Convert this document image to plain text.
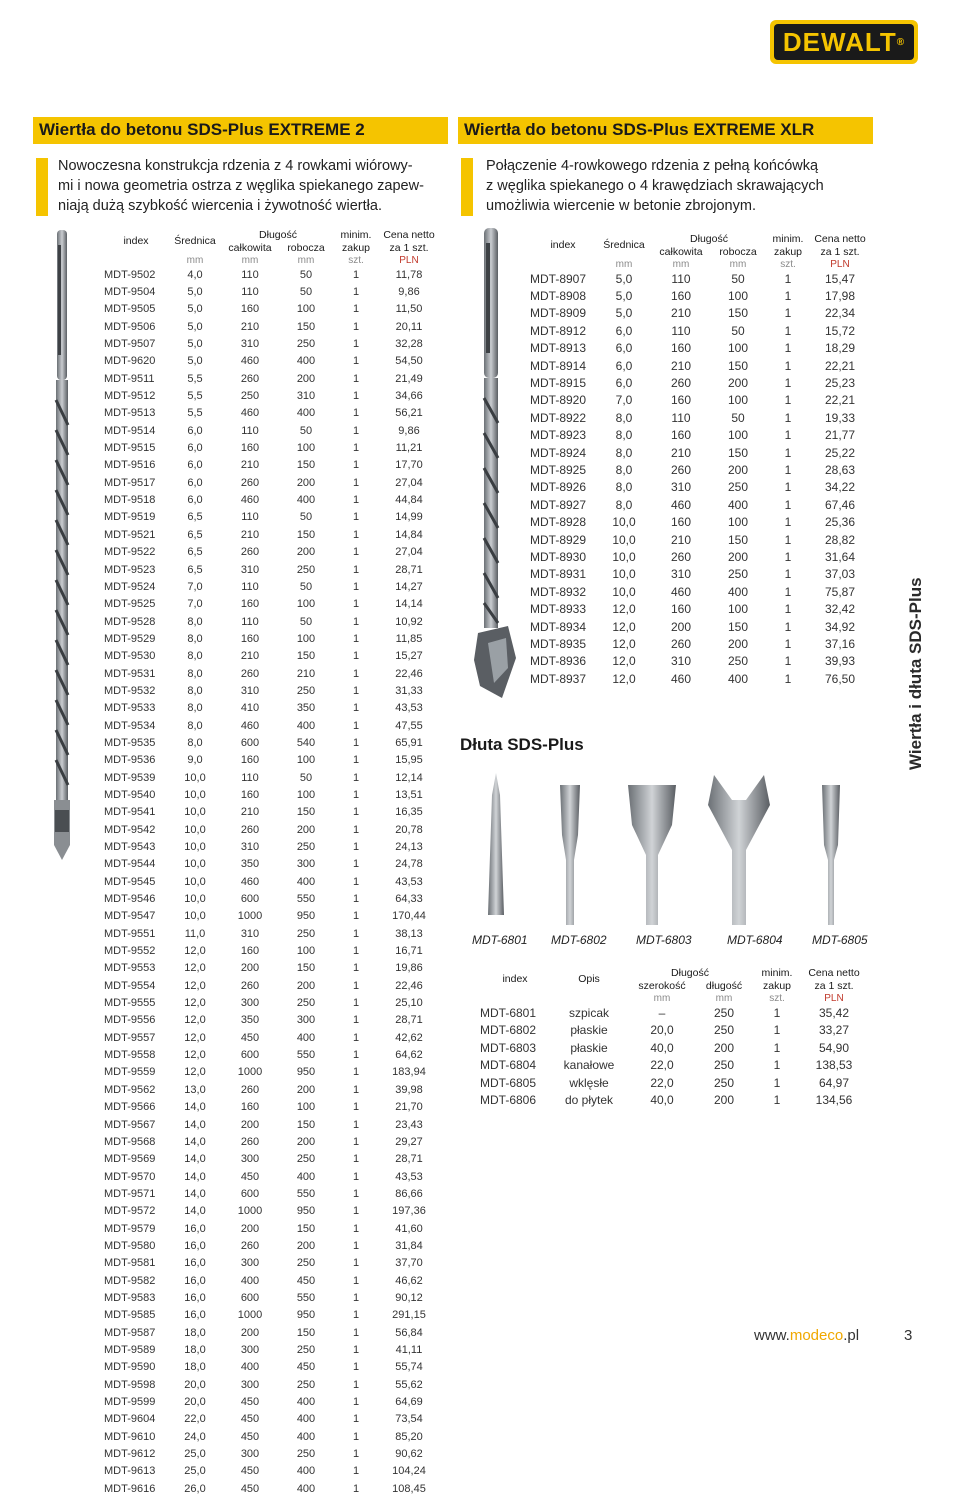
DEWALT ®
Wiertła do betonu SDS-Plus EXTREME 2
Nowoczesna konstrukcja rdzenia z 4 rowkami wiórowy-
mi i nowa geometria ostrza z węglika spiekanego zapew-
niają dużą szybkość wiercenia i żywotność wiertła.
index	Średnica	Długość		minim.	Cena netto
		całkowita	robocza	zakup	za 1 szt.
	mm	mm	mm	szt.	PLN
MDT-9502	4,0	110	50	1	11,78
MDT-9504	5,0	110	50	1	9,86
MDT-9505	5,0	160	100	1	11,50
MDT-9506	5,0	210	150	1	20,11
MDT-9507	5,0	310	250	1	32,28
MDT-9620	5,0	460	400	1	54,50
MDT-9511	5,5	260	200	1	21,49
MDT-9512	5,5	250	310	1	34,66
MDT-9513	5,5	460	400	1	56,21
MDT-9514	6,0	110	50	1	9,86
MDT-9515	6,0	160	100	1	11,21
MDT-9516	6,0	210	150	1	17,70
MDT-9517	6,0	260	200	1	27,04
MDT-9518	6,0	460	400	1	44,84
MDT-9519	6,5	110	50	1	14,99
MDT-9521	6,5	210	150	1	14,84
MDT-9522	6,5	260	200	1	27,04
MDT-9523	6,5	310	250	1	28,71
MDT-9524	7,0	110	50	1	14,27
MDT-9525	7,0	160	100	1	14,14
MDT-9528	8,0	110	50	1	10,92
MDT-9529	8,0	160	100	1	11,85
MDT-9530	8,0	210	150	1	15,27
MDT-9531	8,0	260	210	1	22,46
MDT-9532	8,0	310	250	1	31,33
MDT-9533	8,0	410	350	1	43,53
MDT-9534	8,0	460	400	1	47,55
MDT-9535	8,0	600	540	1	65,91
MDT-9536	9,0	160	100	1	15,95
MDT-9539	10,0	110	50	1	12,14
MDT-9540	10,0	160	100	1	13,51
MDT-9541	10,0	210	150	1	16,35
MDT-9542	10,0	260	200	1	20,78
MDT-9543	10,0	310	250	1	24,13
MDT-9544	10,0	350	300	1	24,78
MDT-9545	10,0	460	400	1	43,53
MDT-9546	10,0	600	550	1	64,33
MDT-9547	10,0	1000	950	1	170,44
MDT-9551	11,0	310	250	1	38,13
MDT-9552	12,0	160	100	1	16,71
MDT-9553	12,0	200	150	1	19,86
MDT-9554	12,0	260	200	1	22,46
MDT-9555	12,0	300	250	1	25,10
MDT-9556	12,0	350	300	1	28,71
MDT-9557	12,0	450	400	1	42,62
MDT-9558	12,0	600	550	1	64,62
MDT-9559	12,0	1000	950	1	183,94
MDT-9562	13,0	260	200	1	39,98
MDT-9566	14,0	160	100	1	21,70
MDT-9567	14,0	200	150	1	23,43
MDT-9568	14,0	260	200	1	29,27
MDT-9569	14,0	300	250	1	28,71
MDT-9570	14,0	450	400	1	43,53
MDT-9571	14,0	600	550	1	86,66
MDT-9572	14,0	1000	950	1	197,36
MDT-9579	16,0	200	150	1	41,60
MDT-9580	16,0	260	200	1	31,84
MDT-9581	16,0	300	250	1	37,70
MDT-9582	16,0	400	450	1	46,62
MDT-9583	16,0	600	550	1	90,12
MDT-9585	16,0	1000	950	1	291,15
MDT-9587	18,0	200	150	1	56,84
MDT-9589	18,0	300	250	1	41,11
MDT-9590	18,0	400	450	1	55,74
MDT-9598	20,0	300	250	1	55,62
MDT-9599	20,0	450	400	1	64,69
MDT-9604	22,0	450	400	1	73,54
MDT-9610	24,0	450	400	1	85,20
MDT-9612	25,0	300	250	1	90,62
MDT-9613	25,0	450	400	1	104,24
MDT-9616	26,0	450	400	1	108,45
Wiertła do betonu SDS-Plus EXTREME XLR
Połączenie 4-rowkowego rdzenia z pełną końcówką
z węglika spiekanego o 4 krawędziach skrawających
umożliwia wiercenie w betonie zbrojonym.
index	Średnica	Długość		minim.	Cena netto
		całkowita	robocza	zakup	za 1 szt.
	mm	mm	mm	szt.	PLN
MDT-8907	5,0	110	50	1	15,47
MDT-8908	5,0	160	100	1	17,98
MDT-8909	5,0	210	150	1	22,34
MDT-8912	6,0	110	50	1	15,72
MDT-8913	6,0	160	100	1	18,29
MDT-8914	6,0	210	150	1	22,21
MDT-8915	6,0	260	200	1	25,23
MDT-8920	7,0	160	100	1	22,21
MDT-8922	8,0	110	50	1	19,33
MDT-8923	8,0	160	100	1	21,77
MDT-8924	8,0	210	150	1	25,22
MDT-8925	8,0	260	200	1	28,63
MDT-8926	8,0	310	250	1	34,22
MDT-8927	8,0	460	400	1	67,46
MDT-8928	10,0	160	100	1	25,36
MDT-8929	10,0	210	150	1	28,82
MDT-8930	10,0	260	200	1	31,64
MDT-8931	10,0	310	250	1	37,03
MDT-8932	10,0	460	400	1	75,87
MDT-8933	12,0	160	100	1	32,42
MDT-8934	12,0	200	150	1	34,92
MDT-8935	12,0	260	200	1	37,16
MDT-8936	12,0	310	250	1	39,93
MDT-8937	12,0	460	400	1	76,50
Dłuta SDS-Plus
MDT-6801 MDT-6802 MDT-6803	MDT-6804 MDT-6805
index	Opis	Długość		minim.	Cena netto
		szerokość	długość	zakup	za 1 szt.
		mm	mm	szt.	PLN
MDT-6801	szpicak	–	250	1	35,42
MDT-6802	płaskie	20,0	250	1	33,27
MDT-6803	płaskie	40,0	200	1	54,90
MDT-6804	kanałowe	22,0	250	1	138,53
MDT-6805	wklęsłe	22,0	250	1	64,97
MDT-6806	do płytek	40,0	200	1	134,56
Wiertła i dłuta SDS-Plus
www.modeco.pl	3
